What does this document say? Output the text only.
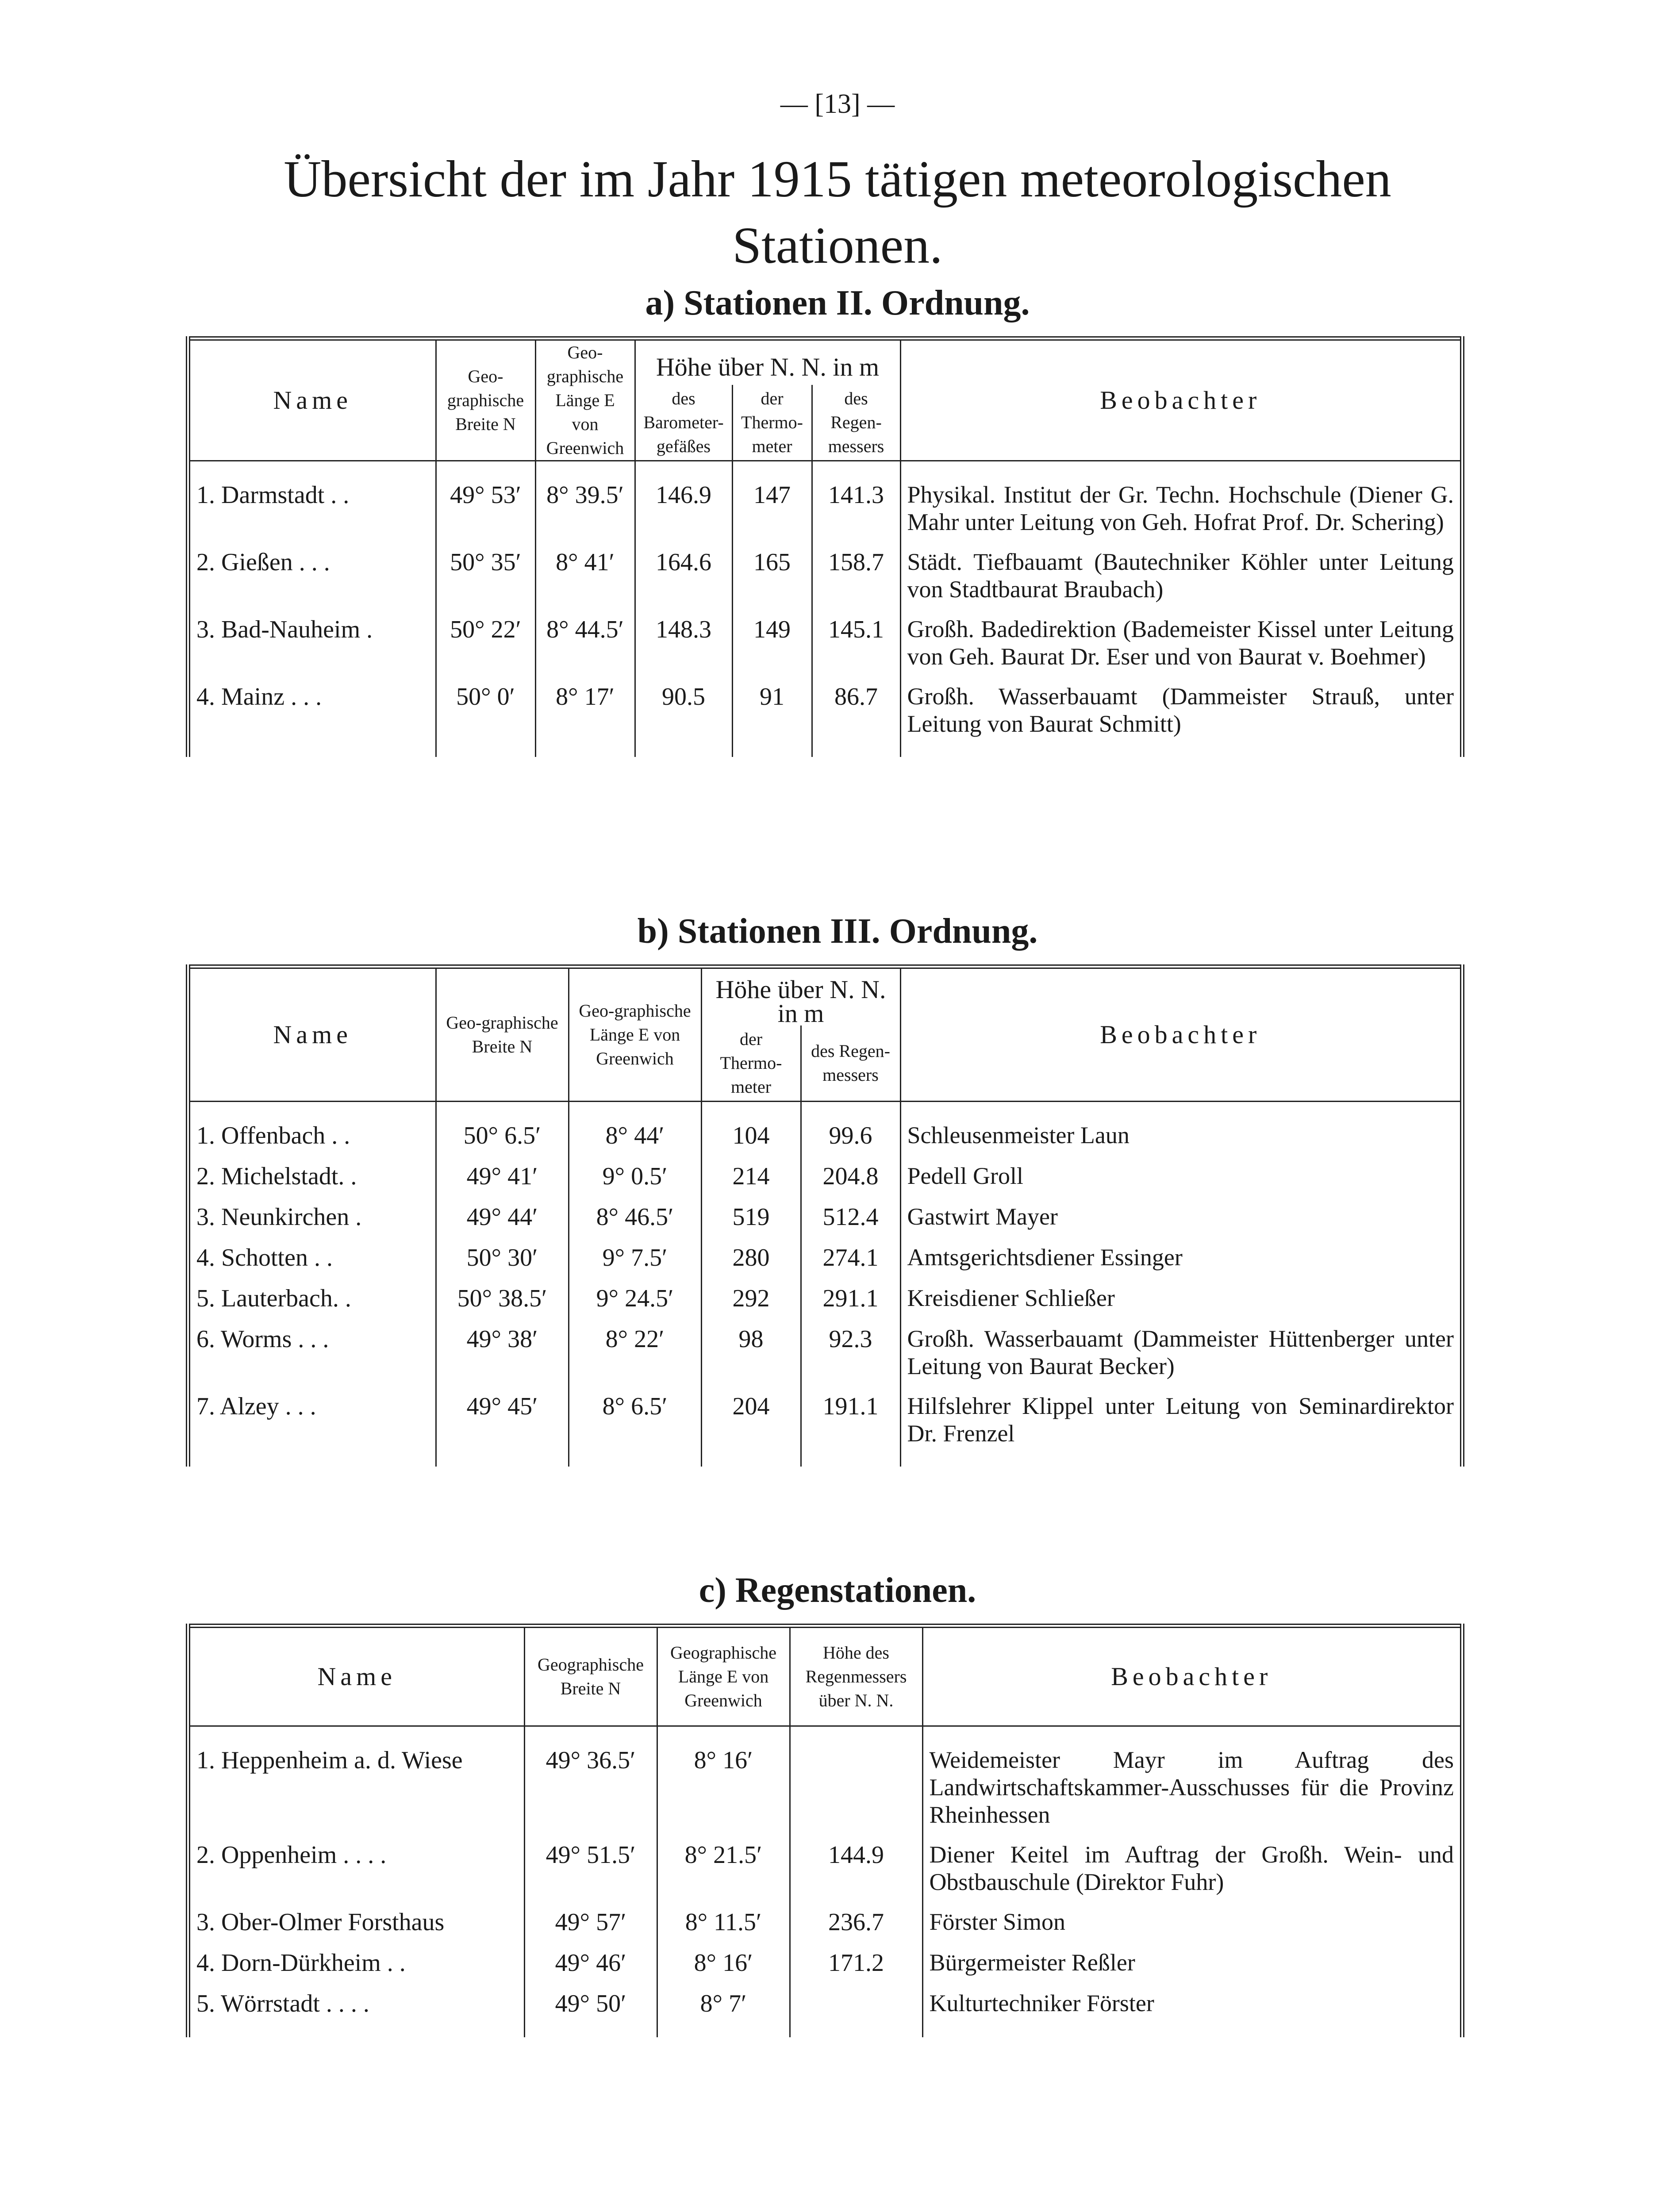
— [13] —
Übersicht der im Jahr 1915 tätigen meteorologischen Stationen.
a) Stationen II. Ordnung.
Name	Geo-graphische Breite N	Geo-graphische Länge E von Greenwich	Höhe über N. N. in m			Beobachter
			des Barometer-gefäßes	der Thermo-meter	des Regen-messers	

1. Darmstadt . .	49° 53′	8° 39.5′	146.9	147	141.3	Physikal. Institut der Gr. Techn. Hochschule (Diener G. Mahr unter Leitung von Geh. Hofrat Prof. Dr. Schering)
2. Gießen . . .	50° 35′	8° 41′	164.6	165	158.7	Städt. Tiefbauamt (Bautechniker Köhler unter Leitung von Stadtbaurat Braubach)
3. Bad-Nauheim .	50° 22′	8° 44.5′	148.3	149	145.1	Großh. Badedirektion (Bademeister Kissel unter Leitung von Geh. Baurat Dr. Eser und von Baurat v. Boehmer)
4. Mainz . . .	50° 0′	8° 17′	90.5	91	86.7	Großh. Wasserbauamt (Dammeister Strauß, unter Leitung von Baurat Schmitt)

b) Stationen III. Ordnung.
Name	Geo-graphische Breite N	Geo-graphische Länge E von Greenwich	Höhe über N. N. in m		Beobachter
			der Thermo-meter	des Regen-messers	

1. Offenbach . .	50° 6.5′	8° 44′	104	99.6	Schleusenmeister Laun
2. Michelstadt. .	49° 41′	9° 0.5′	214	204.8	Pedell Groll
3. Neunkirchen .	49° 44′	8° 46.5′	519	512.4	Gastwirt Mayer
4. Schotten . .	50° 30′	9° 7.5′	280	274.1	Amtsgerichtsdiener Essinger
5. Lauterbach. .	50° 38.5′	9° 24.5′	292	291.1	Kreisdiener Schließer
6. Worms . . .	49° 38′	8° 22′	98	92.3	Großh. Wasserbauamt (Dammeister Hüttenberger unter Leitung von Baurat Becker)
7. Alzey . . .	49° 45′	8° 6.5′	204	191.1	Hilfslehrer Klippel unter Leitung von Seminardirektor Dr. Frenzel

c) Regenstationen.
Name	Geographische Breite N	Geographische Länge E von Greenwich	Höhe des Regenmessers über N. N.	Beobachter

1. Heppenheim a. d. Wiese	49° 36.5′	8° 16′		Weidemeister Mayr im Auftrag des Landwirtschaftskammer-Ausschusses für die Provinz Rheinhessen
2. Oppenheim . . . .	49° 51.5′	8° 21.5′	144.9	Diener Keitel im Auftrag der Großh. Wein- und Obstbauschule (Direktor Fuhr)
3. Ober-Olmer Forsthaus	49° 57′	8° 11.5′	236.7	Förster Simon
4. Dorn-Dürkheim . .	49° 46′	8° 16′	171.2	Bürgermeister Reßler
5. Wörrstadt . . . .	49° 50′	8° 7′		Kulturtechniker Förster
